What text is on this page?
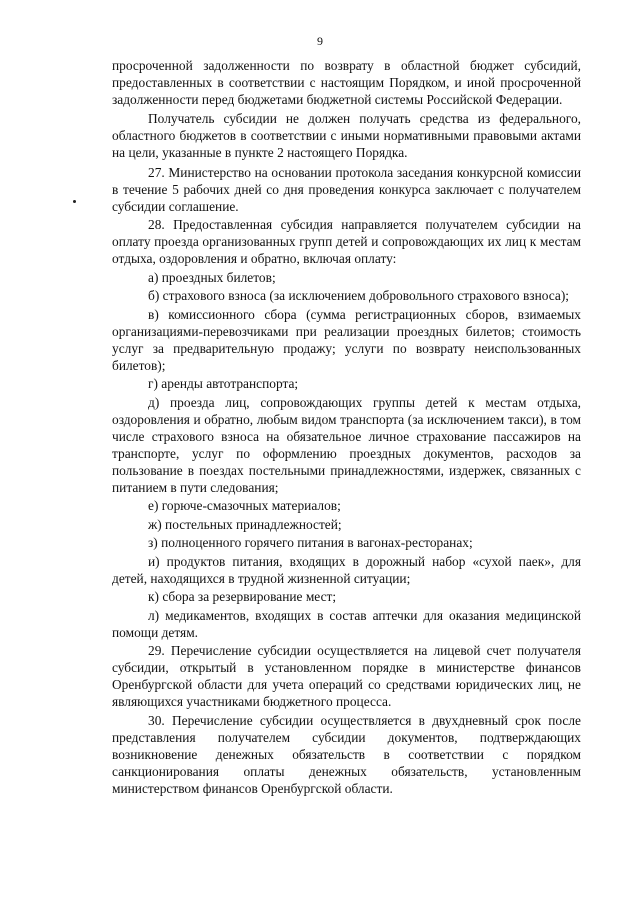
9

просроченной задолженности по возврату в областной бюджет субсидий, предоставленных в соответствии с настоящим Порядком, и иной просроченной задолженности перед бюджетами бюджетной системы Российской Федерации.

Получатель субсидии не должен получать средства из федерального, областного бюджетов в соответствии с иными нормативными правовыми актами на цели, указанные в пункте 2 настоящего Порядка.

27. Министерство на основании протокола заседания конкурсной комиссии в течение 5 рабочих дней со дня проведения конкурса заключает с получателем субсидии соглашение.

28. Предоставленная субсидия направляется получателем субсидии на оплату проезда организованных групп детей и сопровождающих их лиц к местам отдыха, оздоровления и обратно, включая оплату:

а) проездных билетов;

б) страхового взноса (за исключением добровольного страхового взноса);

в) комиссионного сбора (сумма регистрационных сборов, взимаемых организациями-перевозчиками при реализации проездных билетов; стоимость услуг за предварительную продажу; услуги по возврату неиспользованных билетов);

г) аренды автотранспорта;

д) проезда лиц, сопровождающих группы детей к местам отдыха, оздоровления и обратно, любым видом транспорта (за исключением такси), в том числе страхового взноса на обязательное личное страхование пассажиров на транспорте, услуг по оформлению проездных документов, расходов за пользование в поездах постельными принадлежностями, издержек, связанных с питанием в пути следования;

е) горюче-смазочных материалов;

ж) постельных принадлежностей;

з) полноценного горячего питания в вагонах-ресторанах;

и) продуктов питания, входящих в дорожный набор «сухой паек», для детей, находящихся в трудной жизненной ситуации;

к) сбора за резервирование мест;

л) медикаментов, входящих в состав аптечки для оказания медицинской помощи детям.

29. Перечисление субсидии осуществляется на лицевой счет получателя субсидии, открытый в установленном порядке в министерстве финансов Оренбургской области для учета операций со средствами юридических лиц, не являющихся участниками бюджетного процесса.

30. Перечисление субсидии осуществляется в двухдневный срок после представления получателем субсидии документов, подтверждающих возникновение денежных обязательств в соответствии с порядком санкционирования оплаты денежных обязательств, установленным министерством финансов Оренбургской области.
